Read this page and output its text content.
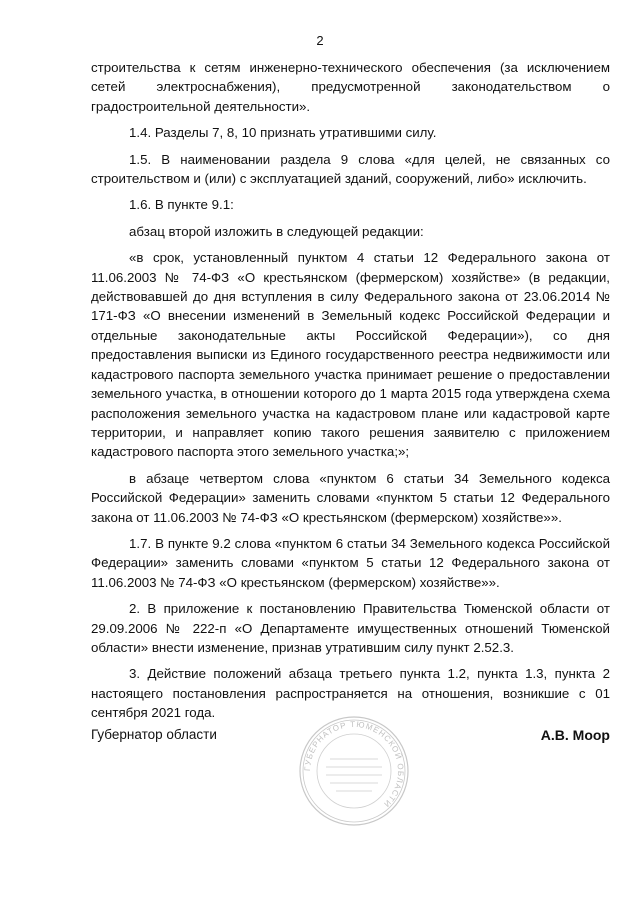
2

строительства к сетям инженерно-технического обеспечения (за исключением сетей электроснабжения), предусмотренной законодательством о градостроительной деятельности».

1.4. Разделы 7, 8, 10 признать утратившими силу.

1.5. В наименовании раздела 9 слова «для целей, не связанных со строительством и (или) с эксплуатацией зданий, сооружений, либо» исключить.

1.6. В пункте 9.1:

абзац второй изложить в следующей редакции:

«в срок, установленный пунктом 4 статьи 12 Федерального закона от 11.06.2003 № 74-ФЗ «О крестьянском (фермерском) хозяйстве» (в редакции, действовавшей до дня вступления в силу Федерального закона от 23.06.2014 № 171-ФЗ «О внесении изменений в Земельный кодекс Российской Федерации и отдельные законодательные акты Российской Федерации»), со дня предоставления выписки из Единого государственного реестра недвижимости или кадастрового паспорта земельного участка принимает решение о предоставлении земельного участка, в отношении которого до 1 марта 2015 года утверждена схема расположения земельного участка на кадастровом плане или кадастровой карте территории, и направляет копию такого решения заявителю с приложением кадастрового паспорта этого земельного участка;»;

в абзаце четвертом слова «пунктом 6 статьи 34 Земельного кодекса Российской Федерации» заменить словами «пунктом 5 статьи 12 Федерального закона от 11.06.2003 № 74-ФЗ «О крестьянском (фермерском) хозяйстве»».

1.7. В пункте 9.2 слова «пунктом 6 статьи 34 Земельного кодекса Российской Федерации» заменить словами «пунктом 5 статьи 12 Федерального закона от 11.06.2003 № 74-ФЗ «О крестьянском (фермерском) хозяйстве»».

2. В приложение к постановлению Правительства Тюменской области от 29.09.2006 № 222-п «О Департаменте имущественных отношений Тюменской области» внести изменение, признав утратившим силу пункт 2.52.3.

3. Действие положений абзаца третьего пункта 1.2, пункта 1.3, пункта 2 настоящего постановления распространяется на отношения, возникшие с 01 сентября 2021 года.

Губернатор области	А.В. Моор
ГУБЕРНАТОР ТЮМЕНСКОЙ ОБЛАСТИ
